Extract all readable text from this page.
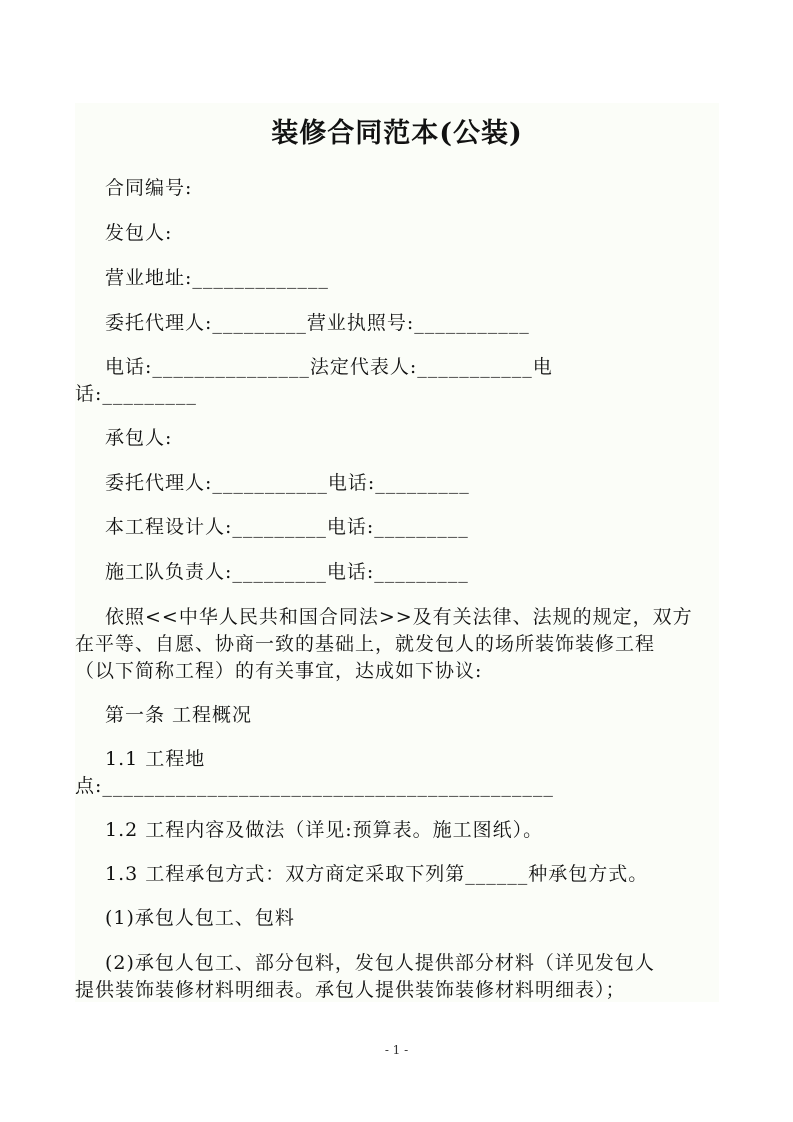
装修合同范本(公装)
合同编号:
发包人:
营业地址:_____________
委托代理人:_________营业执照号:___________
电话:_______________法定代表人:___________电
话:_________
承包人:
委托代理人:___________电话:_________
本工程设计人:_________电话:_________
施工队负责人:_________电话:_________
依照<<中华人民共和国合同法>>及有关法律、法规的规定，双方
在平等、自愿、协商一致的基础上，就发包人的场所装饰装修工程
（以下简称工程）的有关事宜，达成如下协议:
第一条 工程概况
1.1 工程地
点:___________________________________________
1.2 工程内容及做法（详见:预算表。施工图纸）。
1.3 工程承包方式：双方商定采取下列第______种承包方式。
(1)承包人包工、包料
(2)承包人包工、部分包料，发包人提供部分材料（详见发包人
提供装饰装修材料明细表。承包人提供装饰装修材料明细表）；
- 1 -
